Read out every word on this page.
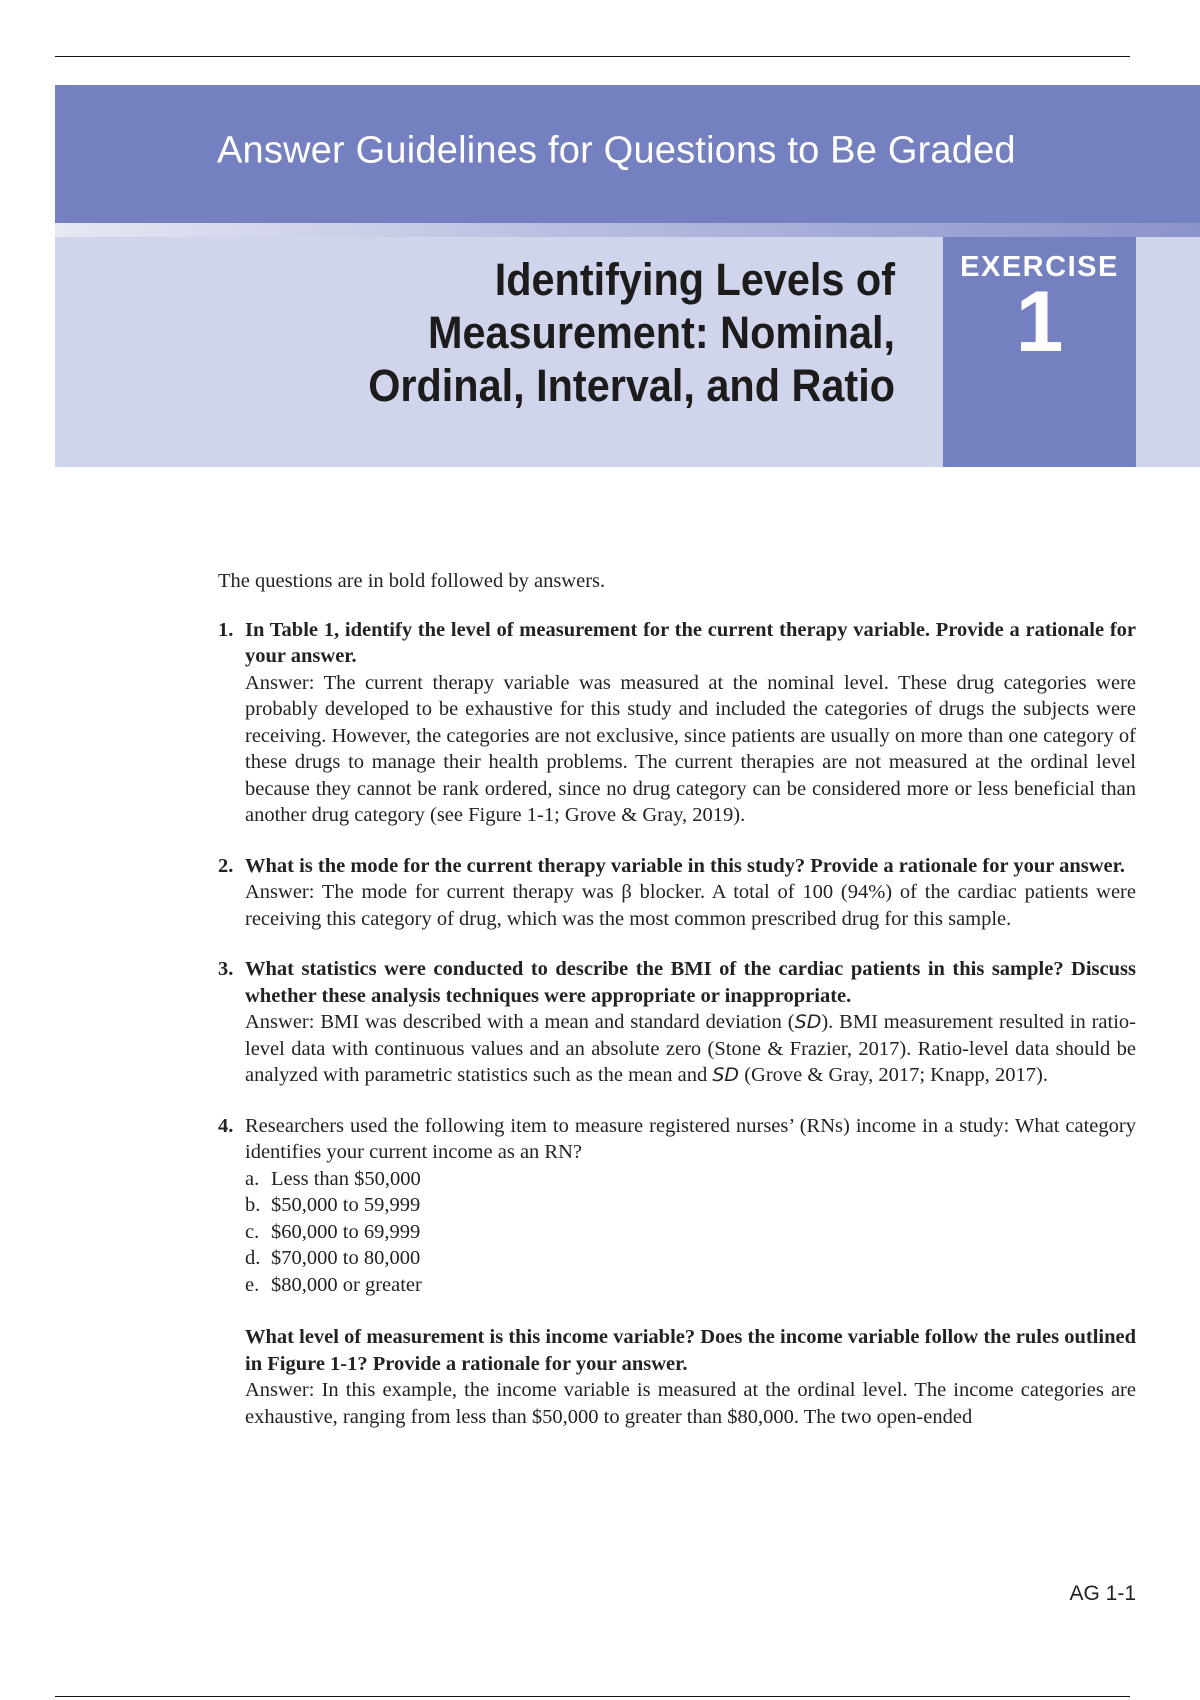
Answer Guidelines for Questions to Be Graded
Identifying Levels of
Measurement: Nominal,
Ordinal, Interval, and Ratio
EXERCISE
1

The questions are in bold followed by answers.

1. In Table 1, identify the level of measurement for the current therapy variable. Provide a rationale for your answer.
Answer: The current therapy variable was measured at the nominal level. These drug categories were probably developed to be exhaustive for this study and included the categories of drugs the subjects were receiving. However, the categories are not exclusive, since patients are usually on more than one category of these drugs to manage their health problems. The current therapies are not measured at the ordinal level because they cannot be rank ordered, since no drug category can be considered more or less beneficial than another drug category (see Figure 1-1; Grove & Gray, 2019).
2. What is the mode for the current therapy variable in this study? Provide a rationale for your answer.
Answer: The mode for current therapy was β blocker. A total of 100 (94%) of the cardiac patients were receiving this category of drug, which was the most common prescribed drug for this sample.
3. What statistics were conducted to describe the BMI of the cardiac patients in this sample? Discuss whether these analysis techniques were appropriate or inappropriate.
Answer: BMI was described with a mean and standard deviation (SD). BMI measurement resulted in ratio-level data with continuous values and an absolute zero (Stone & Frazier, 2017). Ratio-level data should be analyzed with parametric statistics such as the mean and SD (Grove & Gray, 2017; Knapp, 2017).
4. Researchers used the following item to measure registered nurses’ (RNs) income in a study: What category identifies your current income as an RN?
a. Less than $50,000
b. $50,000 to 59,999
c. $60,000 to 69,999
d. $70,000 to 80,000
e. $80,000 or greater
What level of measurement is this income variable? Does the income variable follow the rules outlined in Figure 1-1? Provide a rationale for your answer.
Answer: In this example, the income variable is measured at the ordinal level. The income categories are exhaustive, ranging from less than $50,000 to greater than $80,000. The two open-ended
AG 1-1
